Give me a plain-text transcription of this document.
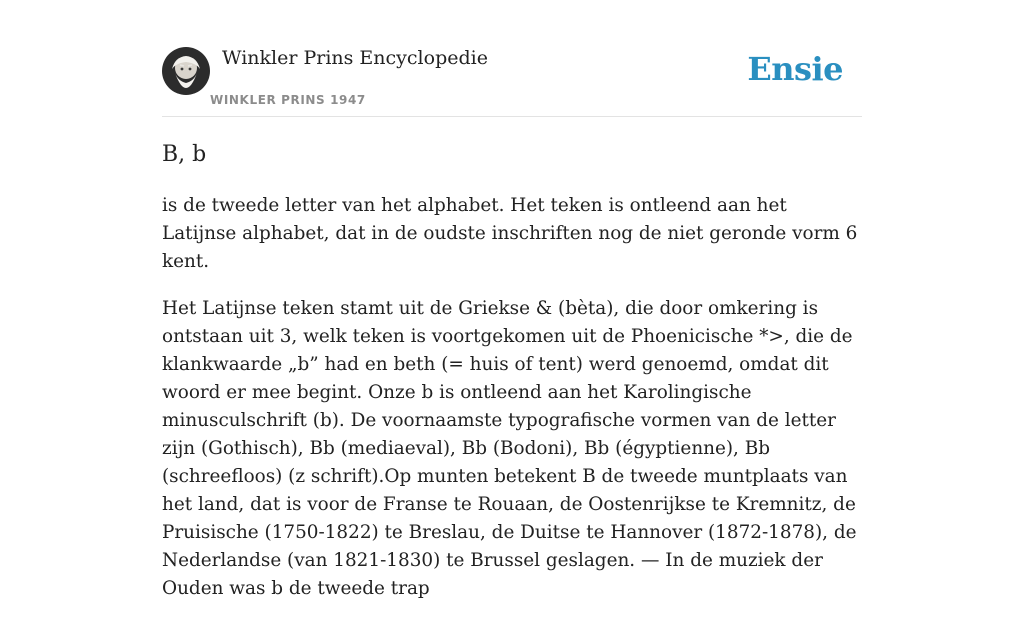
Winkler Prins Encyclopedie
WINKLER PRINS 1947
Ensie
B, b

is de tweede letter van het alphabet. Het teken is ontleend aan het Latijnse alphabet, dat in de oudste inschriften nog de niet geronde vorm 6 kent.

Het Latijnse teken stamt uit de Griekse & (bèta), die door omkering is ontstaan uit 3, welk teken is voortgekomen uit de Phoenicische *>, die de klankwaarde „b” had en beth (= huis of tent) werd genoemd, omdat dit woord er mee begint. Onze b is ontleend aan het Karolingische minusculschrift (b). De voornaamste typografische vormen van de letter zijn (Gothisch), Bb (mediaeval), Bb (Bodoni), Bb (égyptienne), Bb (schreefloos) (z schrift).Op munten betekent B de tweede muntplaats van het land, dat is voor de Franse te Rouaan, de Oostenrijkse te Kremnitz, de Pruisische (1750-1822) te Breslau, de Duitse te Hannover (1872-1878), de Nederlandse (van 1821-1830) te Brussel geslagen. — In de muziek der Ouden was b de tweede trap
